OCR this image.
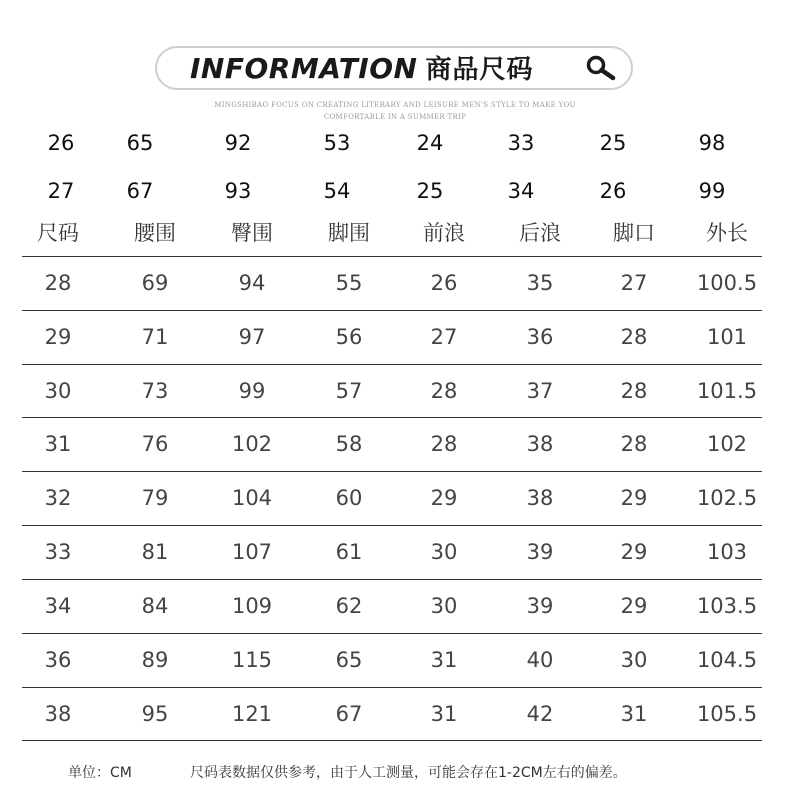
INFORMATION 商品尺码
MINGSHIBAO FOCUS ON CREATING LITERARY AND LEISURE MEN'S STYLE TO MAKE YOU
COMFORTABLE IN A SUMMER TRIP
26	65	92	53	24	33	25	98
27	67	93	54	25	34	26	99
尺码	腰围	臀围	脚围	前浪	后浪	脚口	外长
28	69	94	55	26	35	27	100.5
29	71	97	56	27	36	28	101
30	73	99	57	28	37	28	101.5
31	76	102	58	28	38	28	102
32	79	104	60	29	38	29	102.5
33	81	107	61	30	39	29	103
34	84	109	62	30	39	29	103.5
36	89	115	65	31	40	30	104.5
38	95	121	67	31	42	31	105.5
单位：CM	尺码表数据仅供参考，由于人工测量，可能会存在1-2CM左右的偏差。
